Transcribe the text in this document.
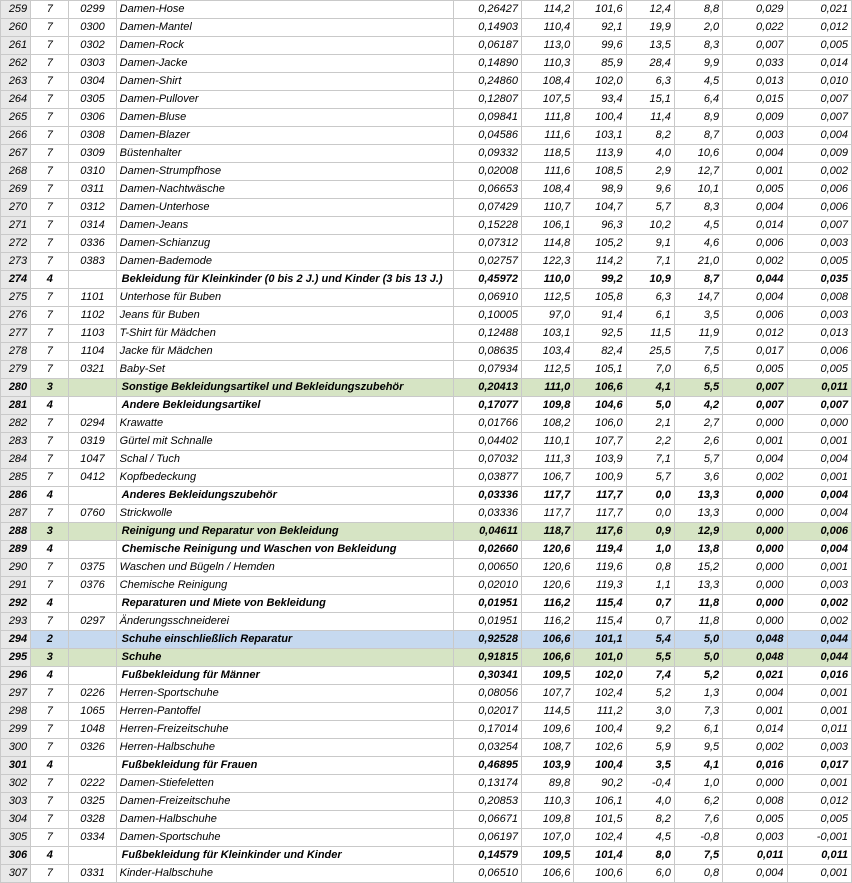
259	7	0299	Damen-Hose	0,26427	114,2	101,6	12,4	8,8	0,029	0,021
260	7	0300	Damen-Mantel	0,14903	110,4	92,1	19,9	2,0	0,022	0,012
261	7	0302	Damen-Rock	0,06187	113,0	99,6	13,5	8,3	0,007	0,005
262	7	0303	Damen-Jacke	0,14890	110,3	85,9	28,4	9,9	0,033	0,014
263	7	0304	Damen-Shirt	0,24860	108,4	102,0	6,3	4,5	0,013	0,010
264	7	0305	Damen-Pullover	0,12807	107,5	93,4	15,1	6,4	0,015	0,007
265	7	0306	Damen-Bluse	0,09841	111,8	100,4	11,4	8,9	0,009	0,007
266	7	0308	Damen-Blazer	0,04586	111,6	103,1	8,2	8,7	0,003	0,004
267	7	0309	Büstenhalter	0,09332	118,5	113,9	4,0	10,6	0,004	0,009
268	7	0310	Damen-Strumpfhose	0,02008	111,6	108,5	2,9	12,7	0,001	0,002
269	7	0311	Damen-Nachtwäsche	0,06653	108,4	98,9	9,6	10,1	0,005	0,006
270	7	0312	Damen-Unterhose	0,07429	110,7	104,7	5,7	8,3	0,004	0,006
271	7	0314	Damen-Jeans	0,15228	106,1	96,3	10,2	4,5	0,014	0,007
272	7	0336	Damen-Schianzug	0,07312	114,8	105,2	9,1	4,6	0,006	0,003
273	7	0383	Damen-Bademode	0,02757	122,3	114,2	7,1	21,0	0,002	0,005
274	4		Bekleidung für Kleinkinder (0 bis 2 J.) und Kinder (3 bis 13 J.)	0,45972	110,0	99,2	10,9	8,7	0,044	0,035
275	7	1101	Unterhose für Buben	0,06910	112,5	105,8	6,3	14,7	0,004	0,008
276	7	1102	Jeans für Buben	0,10005	97,0	91,4	6,1	3,5	0,006	0,003
277	7	1103	T-Shirt für Mädchen	0,12488	103,1	92,5	11,5	11,9	0,012	0,013
278	7	1104	Jacke für Mädchen	0,08635	103,4	82,4	25,5	7,5	0,017	0,006
279	7	0321	Baby-Set	0,07934	112,5	105,1	7,0	6,5	0,005	0,005
280	3		Sonstige Bekleidungsartikel und Bekleidungszubehör	0,20413	111,0	106,6	4,1	5,5	0,007	0,011
281	4		Andere Bekleidungsartikel	0,17077	109,8	104,6	5,0	4,2	0,007	0,007
282	7	0294	Krawatte	0,01766	108,2	106,0	2,1	2,7	0,000	0,000
283	7	0319	Gürtel mit Schnalle	0,04402	110,1	107,7	2,2	2,6	0,001	0,001
284	7	1047	Schal / Tuch	0,07032	111,3	103,9	7,1	5,7	0,004	0,004
285	7	0412	Kopfbedeckung	0,03877	106,7	100,9	5,7	3,6	0,002	0,001
286	4		Anderes Bekleidungszubehör	0,03336	117,7	117,7	0,0	13,3	0,000	0,004
287	7	0760	Strickwolle	0,03336	117,7	117,7	0,0	13,3	0,000	0,004
288	3		Reinigung und Reparatur von Bekleidung	0,04611	118,7	117,6	0,9	12,9	0,000	0,006
289	4		Chemische Reinigung und Waschen von Bekleidung	0,02660	120,6	119,4	1,0	13,8	0,000	0,004
290	7	0375	Waschen und Bügeln / Hemden	0,00650	120,6	119,6	0,8	15,2	0,000	0,001
291	7	0376	Chemische Reinigung	0,02010	120,6	119,3	1,1	13,3	0,000	0,003
292	4		Reparaturen und Miete von Bekleidung	0,01951	116,2	115,4	0,7	11,8	0,000	0,002
293	7	0297	Änderungsschneiderei	0,01951	116,2	115,4	0,7	11,8	0,000	0,002
294	2		Schuhe einschließlich Reparatur	0,92528	106,6	101,1	5,4	5,0	0,048	0,044
295	3		Schuhe	0,91815	106,6	101,0	5,5	5,0	0,048	0,044
296	4		Fußbekleidung für Männer	0,30341	109,5	102,0	7,4	5,2	0,021	0,016
297	7	0226	Herren-Sportschuhe	0,08056	107,7	102,4	5,2	1,3	0,004	0,001
298	7	1065	Herren-Pantoffel	0,02017	114,5	111,2	3,0	7,3	0,001	0,001
299	7	1048	Herren-Freizeitschuhe	0,17014	109,6	100,4	9,2	6,1	0,014	0,011
300	7	0326	Herren-Halbschuhe	0,03254	108,7	102,6	5,9	9,5	0,002	0,003
301	4		Fußbekleidung für Frauen	0,46895	103,9	100,4	3,5	4,1	0,016	0,017
302	7	0222	Damen-Stiefeletten	0,13174	89,8	90,2	-0,4	1,0	0,000	0,001
303	7	0325	Damen-Freizeitschuhe	0,20853	110,3	106,1	4,0	6,2	0,008	0,012
304	7	0328	Damen-Halbschuhe	0,06671	109,8	101,5	8,2	7,6	0,005	0,005
305	7	0334	Damen-Sportschuhe	0,06197	107,0	102,4	4,5	-0,8	0,003	-0,001
306	4		Fußbekleidung für Kleinkinder und Kinder	0,14579	109,5	101,4	8,0	7,5	0,011	0,011
307	7	0331	Kinder-Halbschuhe	0,06510	106,6	100,6	6,0	0,8	0,004	0,001
